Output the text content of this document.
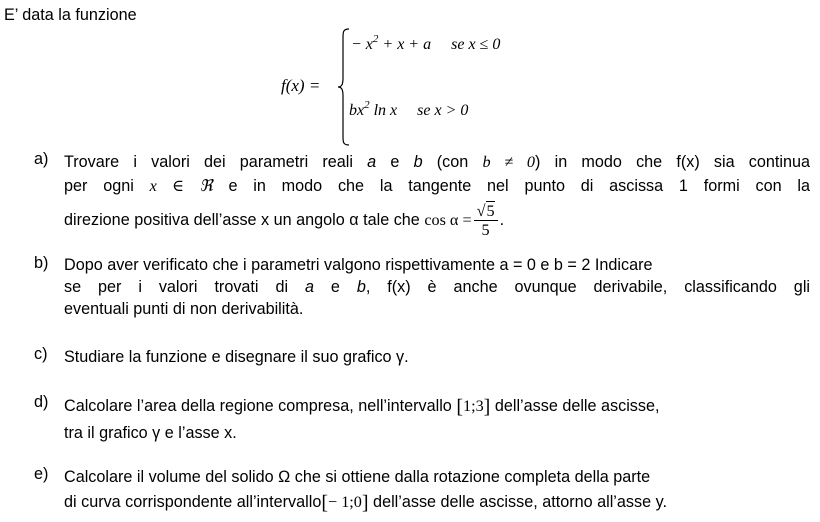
E’ data la funzione
f(x) =
− $x^2 + x + a$ se x ≤ 0
$bx^2$ ln x se x > 0
a) Trovare i valori dei parametri reali a e b (con b ≠ 0) in modo che f(x) sia continua
per ogni x ∈ ℜ e in modo che la tangente nel punto di ascissa 1 formi con la
direzione positiva dell’asse x un angolo α tale che $\cos \alpha = \frac{√5}{5}$ .
b) Dopo aver verificato che i parametri valgono rispettivamente a = 0 e b = 2 Indicare
se per i valori trovati di a e b, f(x) è anche ovunque derivabile, classificando gli
eventuali punti di non derivabilità.
c) Studiare la funzione e disegnare il suo grafico γ.
d) Calcolare l’area della regione compresa, nell’intervallo [1;3] dell’asse delle ascisse,
tra il grafico γ e l’asse x.
e) Calcolare il volume del solido Ω che si ottiene dalla rotazione completa della parte
di curva corrispondente all’intervallo[− 1;0] dell’asse delle ascisse, attorno all’asse y.
